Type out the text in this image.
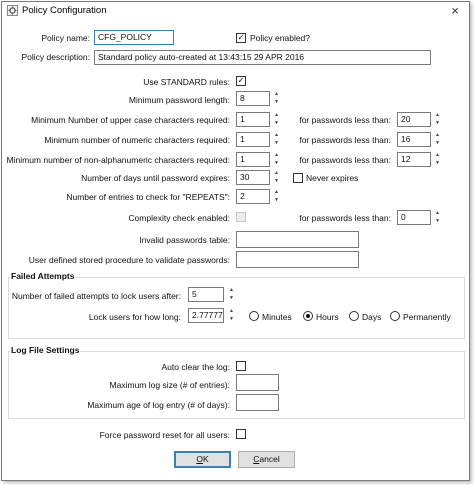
Policy Configuration	×
Policy name: CFG_POLICY	✓ Policy enabled?
Policy description: Standard policy auto-created at 13:43:15 29 APR 2016
Use STANDARD rules: ✓
Minimum password length:	8	▲
▼
Minimum Number of upper case characters required:	1	▲
▼ for passwords less than:	20	▲
▼
Minimum number of numeric characters required:	1	▲
▼ for passwords less than:	16	▲
▼
Minimum number of non-alphanumeric characters required:	1	▲
▼ for passwords less than:	12	▲
▼
Number of days until password expires:	30	▲
▼	Never expires
Number of entries to check for "REPEATS":	2	▲
▼
Complexity check enabled:	for passwords less than:	0	▲
▼
Invalid passwords table:
User defined stored procedure to validate passwords:
Failed Attempts
Number of failed attempts to lock users after:	5	▲
▼
Lock users for how long:	2.77777	▲
▼	Minutes	Hours	Days	Permanently
Log File Settings
Auto clear the log:
Maximum log size (# of entries):
Maximum age of log entry (# of days):
Force password reset for all users:
OK	Cancel
